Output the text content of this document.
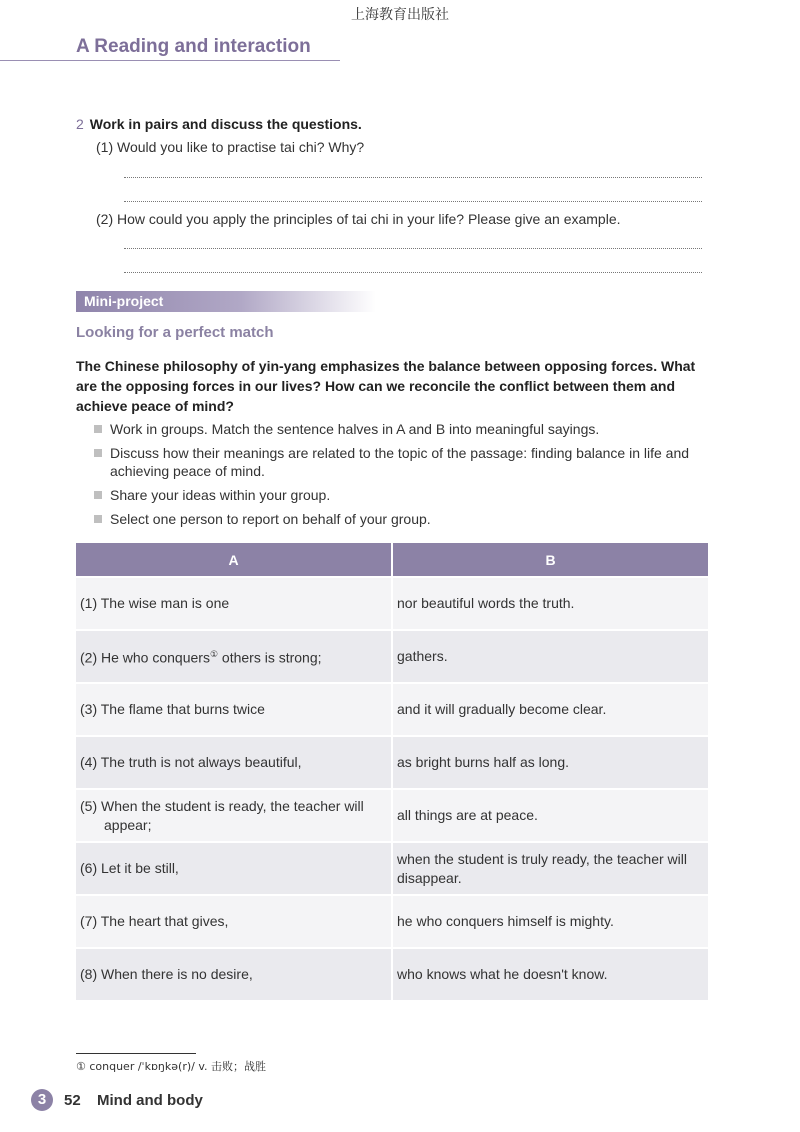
上海教育出版社
A Reading and interaction
2 Work in pairs and discuss the questions.
(1) Would you like to practise tai chi? Why?
(2) How could you apply the principles of tai chi in your life? Please give an example.
Mini-project
Looking for a perfect match
The Chinese philosophy of yin-yang emphasizes the balance between opposing forces. What are the opposing forces in our lives? How can we reconcile the conflict between them and achieve peace of mind?
Work in groups. Match the sentence halves in A and B into meaningful sayings.
Discuss how their meanings are related to the topic of the passage: finding balance in life and achieving peace of mind.
Share your ideas within your group.
Select one person to report on behalf of your group.
A	B

(1) The wise man is one	nor beautiful words the truth.

(2) He who conquers① others is strong;	gathers.

(3) The flame that burns twice	and it will gradually become clear.

(4) The truth is not always beautiful,	as bright burns half as long.

(5) When the student is ready, the teacher will appear;	all things are at peace.

(6) Let it be still,	when the student is truly ready, the teacher will disappear.

(7) The heart that gives,	he who conquers himself is mighty.

(8) When there is no desire,	who knows what he doesn't know.
① conquer /ˈkɒŋkə(r)/ v. 击败；战胜
3	52 Mind and body
